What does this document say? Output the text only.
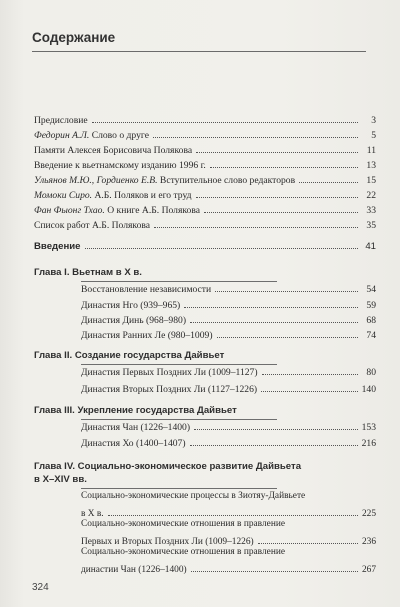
Содержание
Предисловие	3
Федорин А.Л. Слово о друге	5
Памяти Алексея Борисовича Полякова	11
Введение к вьетнамскому изданию 1996 г.	13
Ульянов М.Ю., Гордиенко Е.В. Вступительное слово редакторов	15
Момоки Сиро. А.Б. Поляков и его труд	22
Фан Фыонг Тхао. О книге А.Б. Полякова	33
Список работ А.Б. Полякова	35
Введение	41
Глава I. Вьетнам в X в.
Восстановление независимости	54
Династия Нго (939–965)	59
Династия Динь (968–980)	68
Династия Ранних Ле (980–1009)	74
Глава II. Создание государства Дайвьет
Династия Первых Поздних Ли (1009–1127)	80
Династия Вторых Поздних Ли (1127–1226)	140
Глава III. Укрепление государства Дайвьет
Династия Чан (1226–1400)	153
Династия Хо (1400–1407)	216
Глава IV. Социально-экономическое развитие Дайвьета
в X–XIV вв.
Социально-экономические процессы в Зиотяу-Дайвьете
в X в.	225
Социально-экономические отношения в правление
Первых и Вторых Поздних Ли (1009–1226)	236
Социально-экономические отношения в правление
династии Чан (1226–1400)	267
324
